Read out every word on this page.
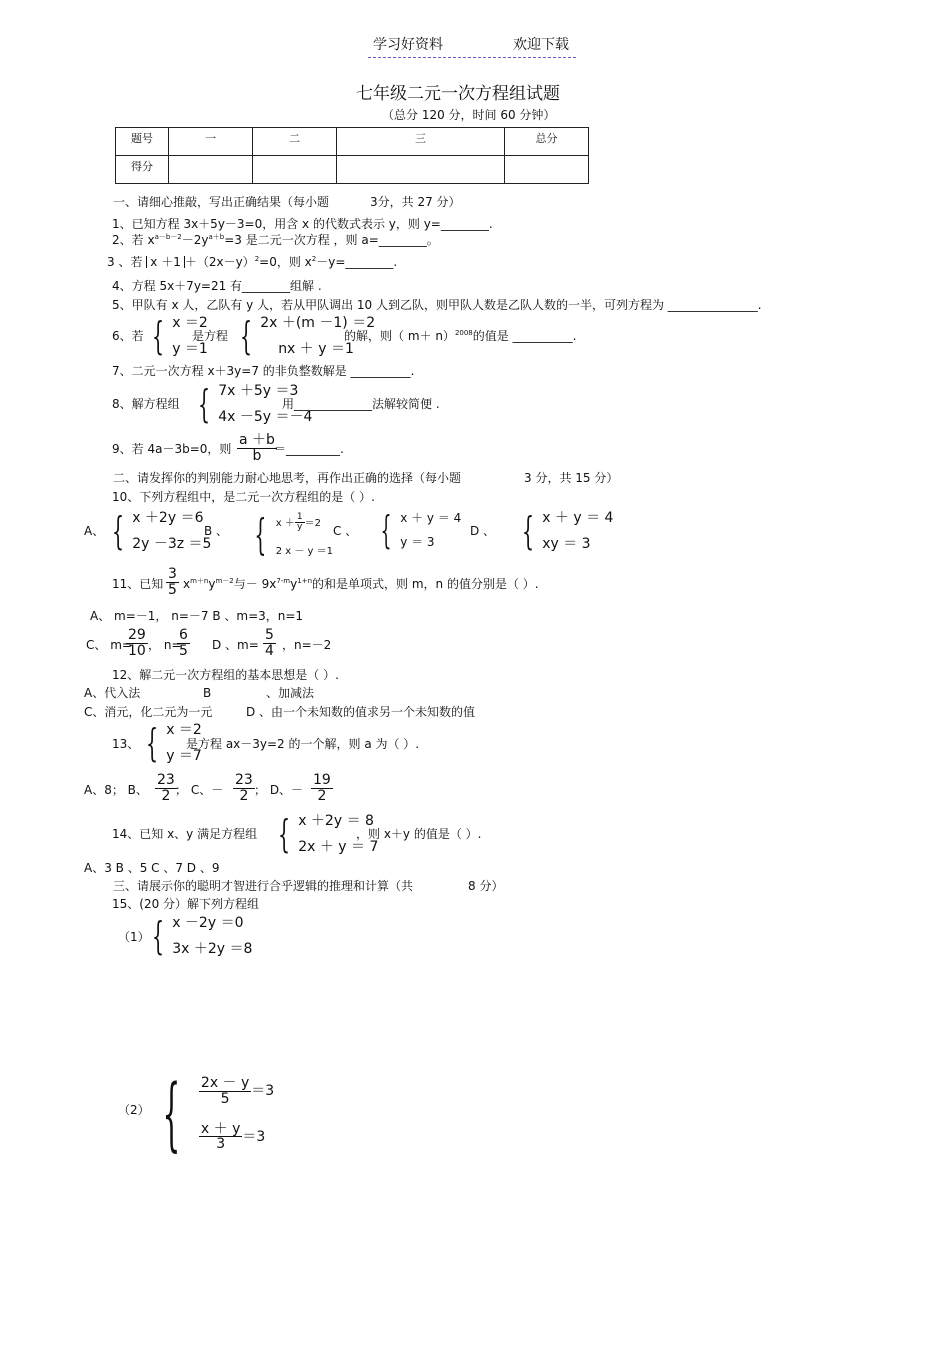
学习好资料	欢迎下载
七年级二元一次方程组试题
（总分 120 分，时间 60 分钟）
题号	一	二	三	总分
得分				
一、请细心推敲，写出正确结果（每小题	3分，共 27 分）
1、已知方程 3x＋5y－3=0，用含 x 的代数式表示 y，则 y=________.
2、若 $x^{a-b-2}-2y^{a+b}=3$ 是二元一次方程 ，则 a=________。
3 、若 $x +1 +(2x-y)^2=0$，则 $x^2-y=\_\_\_\_\_\_\_\_$.
4、方程 5x＋7y=21 有________组解 .
5、甲队有 x 人，乙队有 y 人，若从甲队调出 10 人到乙队，则甲队人数是乙队人数的一半，可列方程为 _______________.
6、若 { x ＝2
y ＝1
是方程 { 2x ＋(m －1) ＝2
nx ＋ y ＝1
的解，则（ m＋ n）$^{2008}$的值是 __________.
7、二元一次方程 x＋3y=7 的非负整数解是 __________.
8、解方程组 { 7x ＋5y ＝3
4x －5y ＝－4
用_____________法解较简便 .
9、若 4a－3b=0，则 $\frac{a +b}{b}$
＝_________.
二、请发挥你的判别能力耐心地思考，再作出正确的选择（每小题	3 分，共 15 分）
10、下列方程组中，是二元一次方程组的是（ ）.
A、 { x ＋2y ＝6
2y －3z ＝5
B 、 { $x + \frac{1}{y} =2$
2 x － y ＝1
C 、 { x ＋ y ＝ 4
y ＝ 3
D 、 { x ＋ y ＝ 4
xy ＝ 3
11、已知 $\frac{3}{5} x^{m+n}y^{m-2}$与－ $9x^{7-m}y^{1+n}$的和是单项式，则 m，n 的值分别是（ ）.
A、 m=－1， n=－7 B 、m=3，n=1
C、 m=
$\frac{29}{10}$ ， n=
$\frac{6}{5}$ D 、$m= \frac{5}{4}$ ，n=－2
12、解二元一次方程组的基本思想是（ ）.
A、代入法	B	、加减法
C、消元，化二元为一元	D 、由一个未知数的值求另一个未知数的值
13、 { x ＝2
y ＝7
是方程 ax－3y=2 的一个解，则 a 为（ ）.
A、8； B、 $\frac{23}{2}$
； C、－ $\frac{23}{2}$ ； D、－ $\frac{19}{2}$
14、已知 x、y 满足方程组 { x ＋2y ＝ 8
2x ＋ y ＝ 7
，则 x＋y 的值是（ ）.
A、3 B 、5 C 、7 D 、9
三、请展示你的聪明才智进行合乎逻辑的推理和计算（共	8 分）
15、(20 分）解下列方程组
（1） { x －2y ＝0
3x ＋2y ＝8
（2） { $\frac{2x - y}{5} =3$
$\frac{x + y}{3} =3$
